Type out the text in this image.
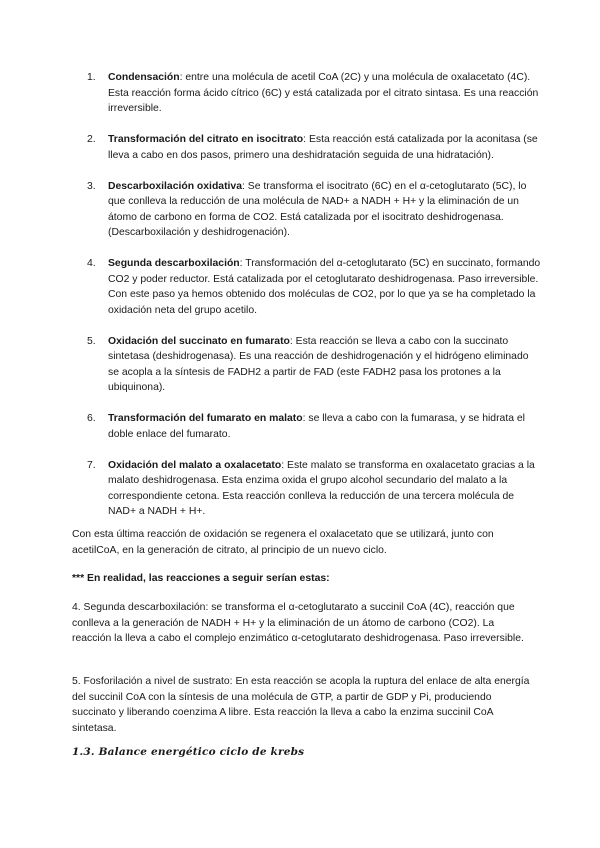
1. Condensación: entre una molécula de acetil CoA (2C) y una molécula de oxalacetato (4C). Esta reacción forma ácido cítrico (6C) y está catalizada por el citrato sintasa. Es una reacción irreversible.
2. Transformación del citrato en isocitrato: Esta reacción está catalizada por la aconitasa (se lleva a cabo en dos pasos, primero una deshidratación seguida de una hidratación).
3. Descarboxilación oxidativa: Se transforma el isocitrato (6C) en el α-cetoglutarato (5C), lo que conlleva la reducción de una molécula de NAD+ a NADH + H+ y la eliminación de un átomo de carbono en forma de CO2. Está catalizada por el isocitrato deshidrogenasa. (Descarboxilación y deshidrogenación).
4. Segunda descarboxilación: Transformación del α-cetoglutarato (5C) en succinato, formando CO2 y poder reductor. Está catalizada por el cetoglutarato deshidrogenasa. Paso irreversible. Con este paso ya hemos obtenido dos moléculas de CO2, por lo que ya se ha completado la oxidación neta del grupo acetilo.
5. Oxidación del succinato en fumarato: Esta reacción se lleva a cabo con la succinato sintetasa (deshidrogenasa). Es una reacción de deshidrogenación y el hidrógeno eliminado se acopla a la síntesis de FADH2 a partir de FAD (este FADH2 pasa los protones a la ubiquinona).
6. Transformación del fumarato en malato: se lleva a cabo con la fumarasa, y se hidrata el doble enlace del fumarato.
7. Oxidación del malato a oxalacetato: Este malato se transforma en oxalacetato gracias a la malato deshidrogenasa. Esta enzima oxida el grupo alcohol secundario del malato a la correspondiente cetona. Esta reacción conlleva la reducción de una tercera molécula de NAD+ a NADH + H+.

Con esta última reacción de oxidación se regenera el oxalacetato que se utilizará, junto con acetilCoA, en la generación de citrato, al principio de un nuevo ciclo.

*** En realidad, las reacciones a seguir serían estas:

4. Segunda descarboxilación: se transforma el α-cetoglutarato a succinil CoA (4C), reacción que conlleva a la generación de NADH + H+ y la eliminación de un átomo de carbono (CO2). La reacción la lleva a cabo el complejo enzimático α-cetoglutarato deshidrogenasa. Paso irreversible.

5. Fosforilación a nivel de sustrato: En esta reacción se acopla la ruptura del enlace de alta energía del succinil CoA con la síntesis de una molécula de GTP, a partir de GDP y Pi, produciendo succinato y liberando coenzima A libre. Esta reacción la lleva a cabo la enzima succinil CoA sintetasa.

1.3. Balance energético ciclo de krebs
